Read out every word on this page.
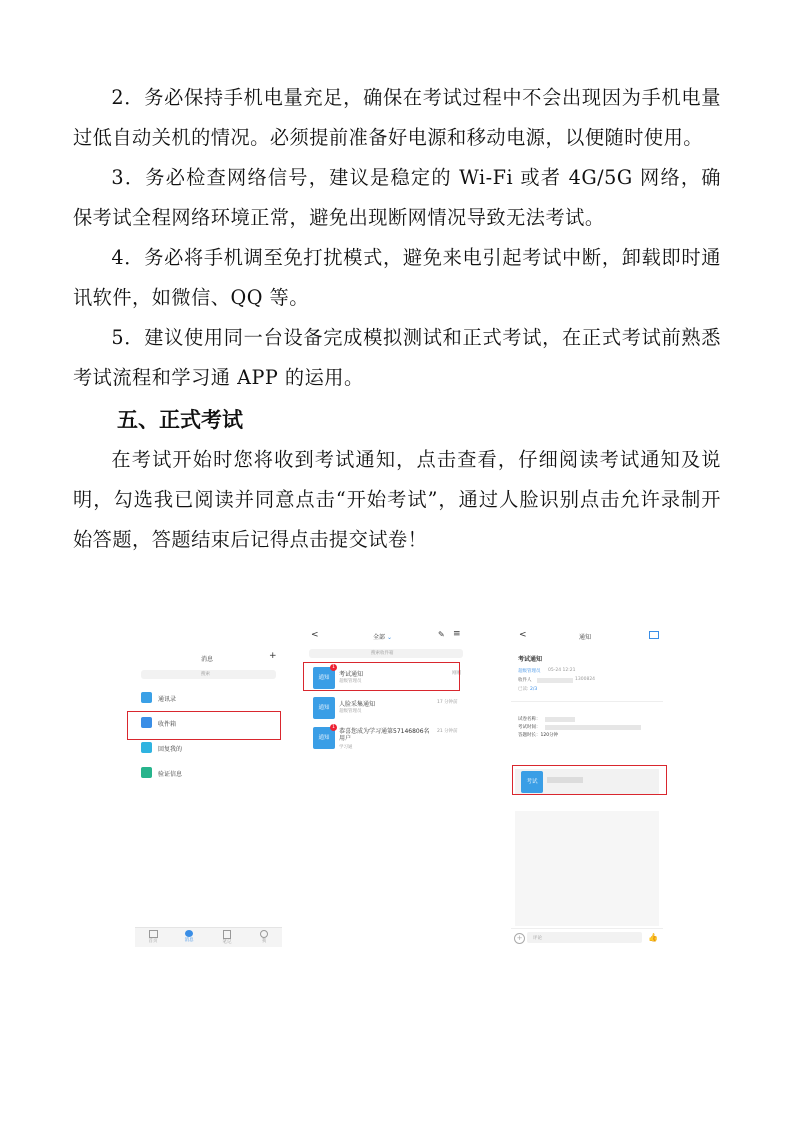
2．务必保持手机电量充足，确保在考试过程中不会出现因为手机电量过低自动关机的情况。必须提前准备好电源和移动电源，以便随时使用。

3．务必检查网络信号，建议是稳定的 Wi-Fi 或者 4G/5G 网络，确保考试全程网络环境正常，避免出现断网情况导致无法考试。

4．务必将手机调至免打扰模式，避免来电引起考试中断，卸载即时通讯软件，如微信、QQ 等。

5．建议使用同一台设备完成模拟测试和正式考试，在正式考试前熟悉考试流程和学习通 APP 的运用。

五、正式考试

在考试开始时您将收到考试通知，点击查看，仔细阅读考试通知及说明，勾选我已阅读并同意点击“开始考试”，通过人脸识别点击允许录制开始答题，答题结束后记得点击提交试卷！

消息	+
搜索
通讯录
收件箱
回复我的
验证信息
首页	消息	笔记	我
<	全部 ⌄	✎ ≡
搜索收件箱
通知
1
考试通知
超级管理员
刚刚
通知	人脸采集通知
超级管理员
17 分钟前
通知
1
恭喜您成为学习通第57146806名用户
学习通
21 分钟前
<	通知
考试通知
超级管理员 05-24 12:21
收件人	1300824
已读: 2/3
试卷名称：
考试时间：
答题时长：120分钟
考试
+	评论	👍
